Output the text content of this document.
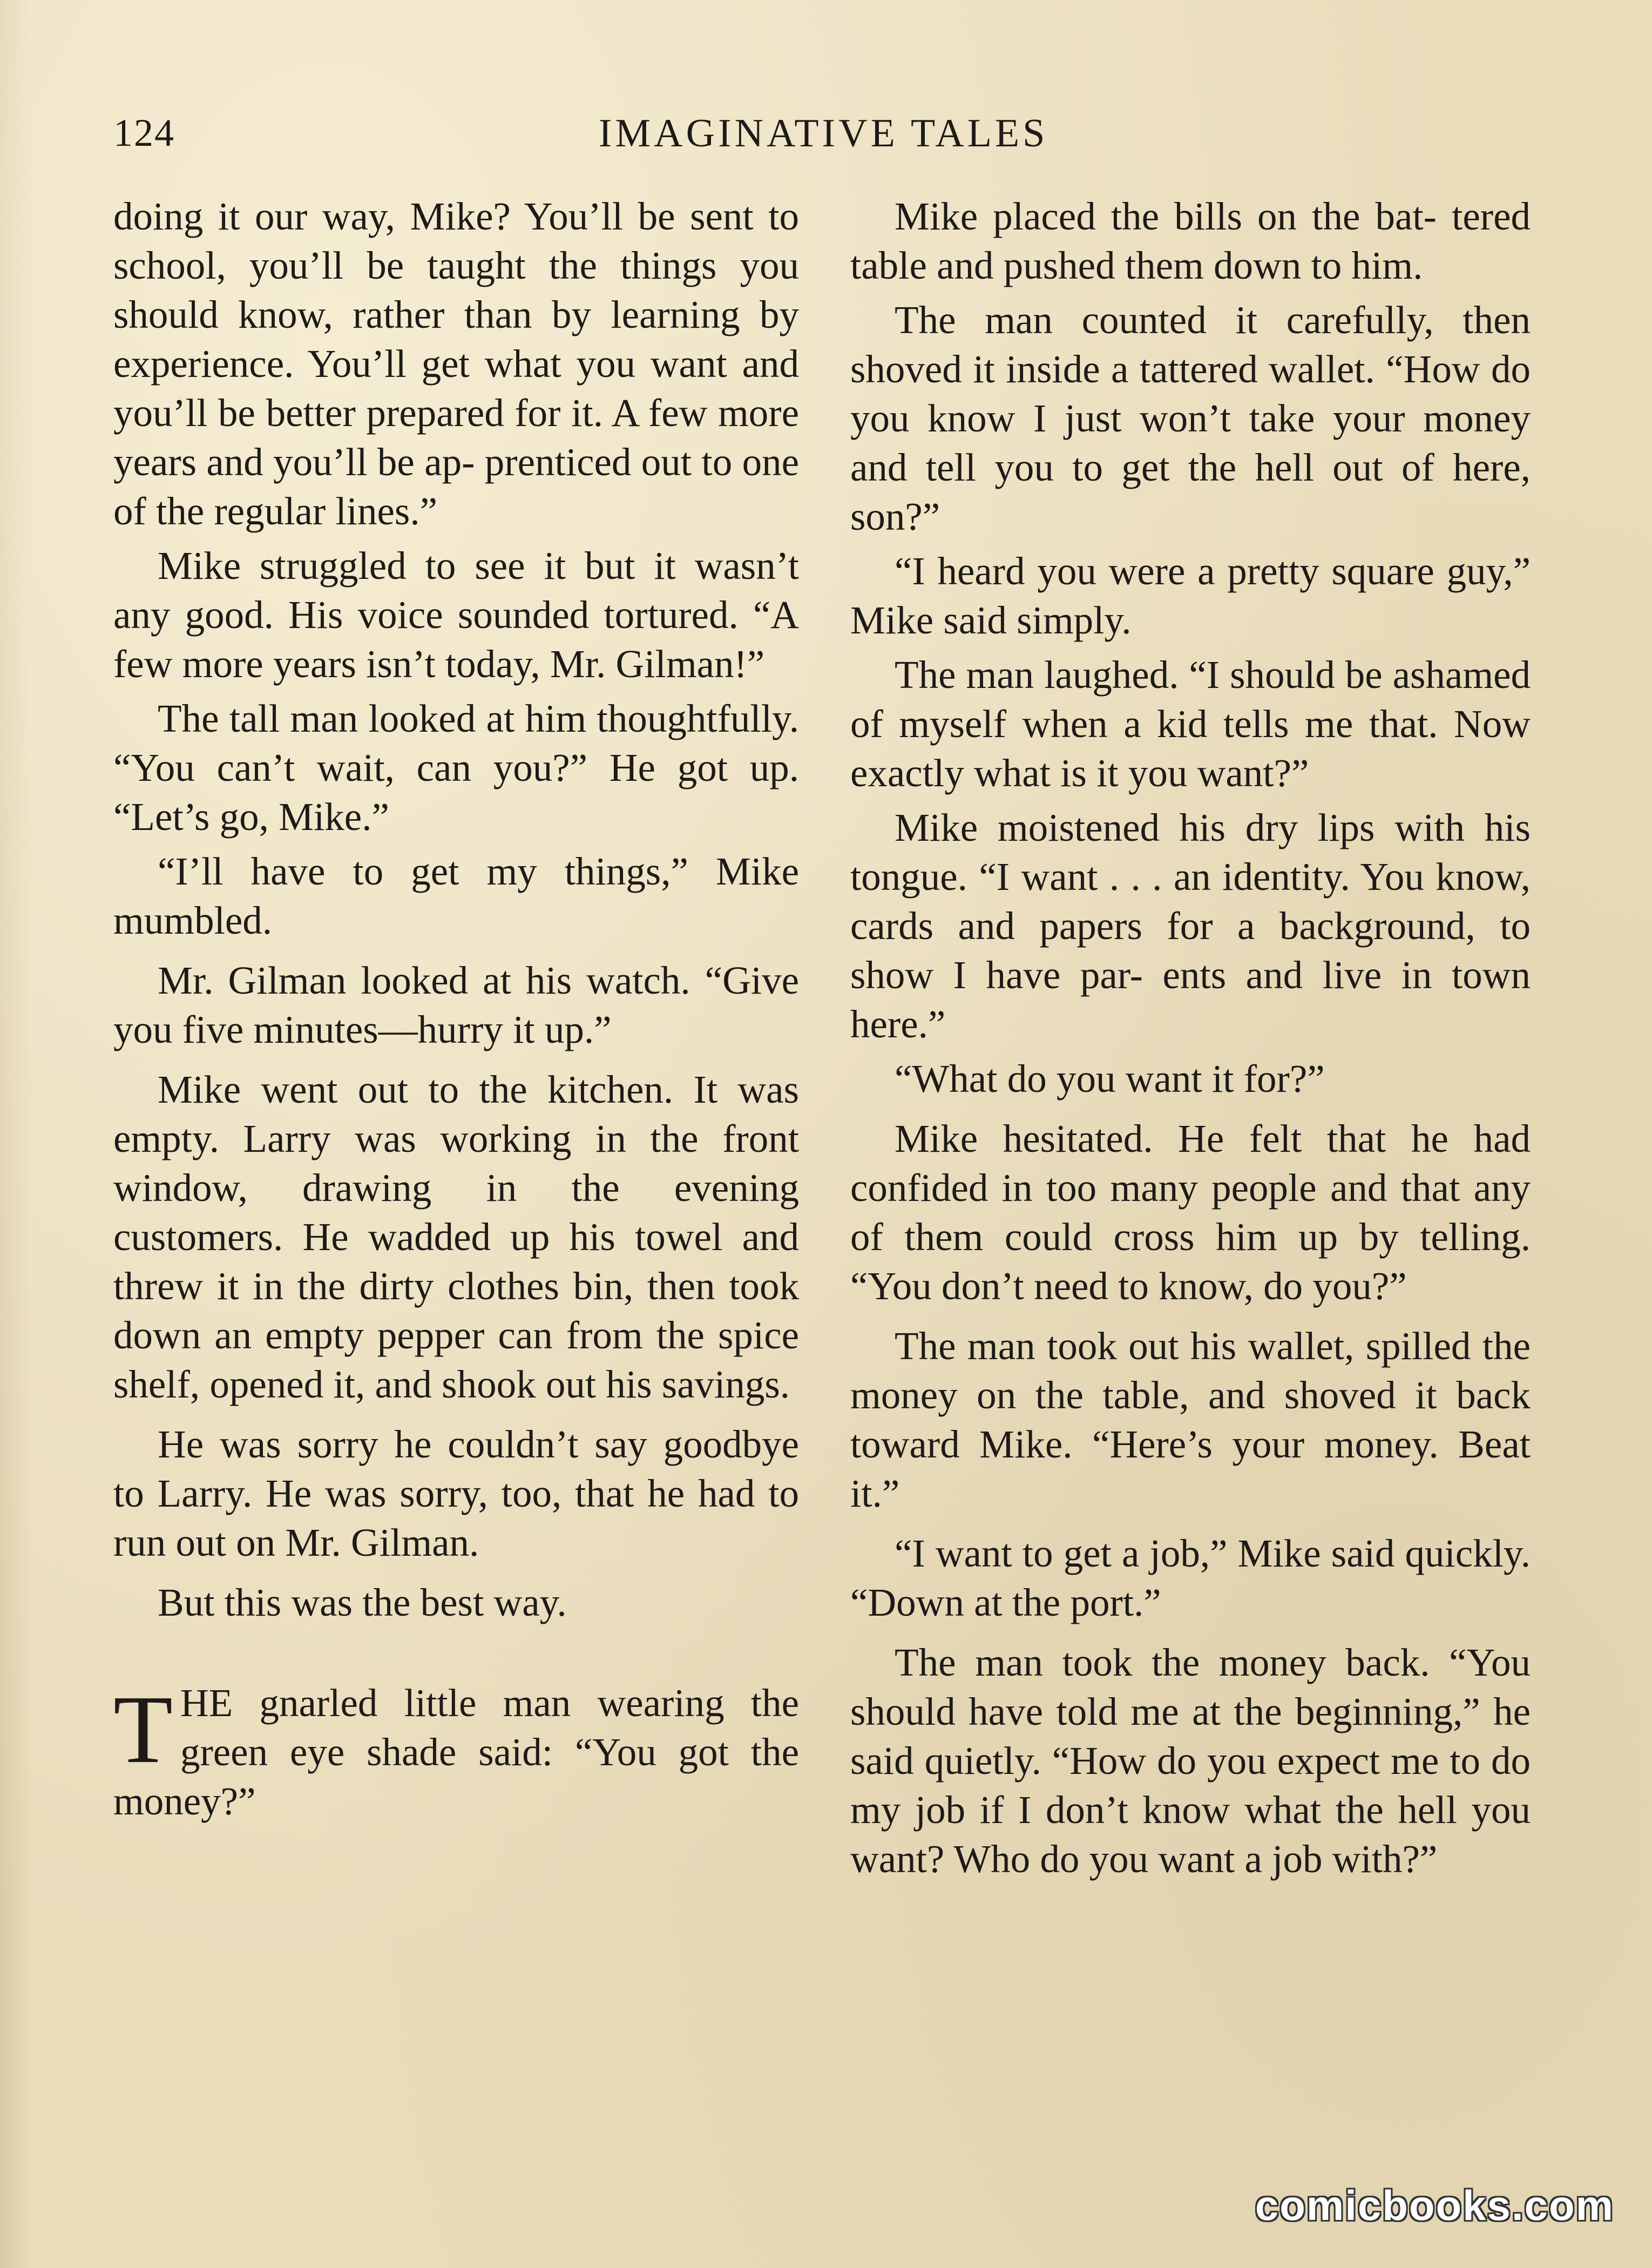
124	IMAGINATIVE TALES

doing it our way, Mike? You’ll be sent to school, you’ll be taught the things you should know, rather than by learning by experience. You’ll get what you want and you’ll be better prepared for it. A few more years and you’ll be ap- prenticed out to one of the regular lines.”

Mike struggled to see it but it wasn’t any good. His voice sounded tortured. “A few more years isn’t today, Mr. Gilman!”

The tall man looked at him thoughtfully. “You can’t wait, can you?” He got up. “Let’s go, Mike.”

“I’ll have to get my things,” Mike mumbled.

Mr. Gilman looked at his watch. “Give you five minutes—hurry it up.”

Mike went out to the kitchen. It was empty. Larry was working in the front window, drawing in the evening customers. He wadded up his towel and threw it in the dirty clothes bin, then took down an empty pepper can from the spice shelf, opened it, and shook out his savings.

He was sorry he couldn’t say goodbye to Larry. He was sorry, too, that he had to run out on Mr. Gilman.

But this was the best way.

THE gnarled little man wearing the green eye shade said: “You got the money?”

Mike placed the bills on the bat- tered table and pushed them down to him.

The man counted it carefully, then shoved it inside a tattered wallet. “How do you know I just won’t take your money and tell you to get the hell out of here, son?”

“I heard you were a pretty square guy,” Mike said simply.

The man laughed. “I should be ashamed of myself when a kid tells me that. Now exactly what is it you want?”

Mike moistened his dry lips with his tongue. “I want . . . an identity. You know, cards and papers for a background, to show I have par- ents and live in town here.”

“What do you want it for?”

Mike hesitated. He felt that he had confided in too many people and that any of them could cross him up by telling. “You don’t need to know, do you?”

The man took out his wallet, spilled the money on the table, and shoved it back toward Mike. “Here’s your money. Beat it.”

“I want to get a job,” Mike said quickly. “Down at the port.”

The man took the money back. “You should have told me at the beginning,” he said quietly. “How do you expect me to do my job if I don’t know what the hell you want? Who do you want a job with?”

comicbooks.com
